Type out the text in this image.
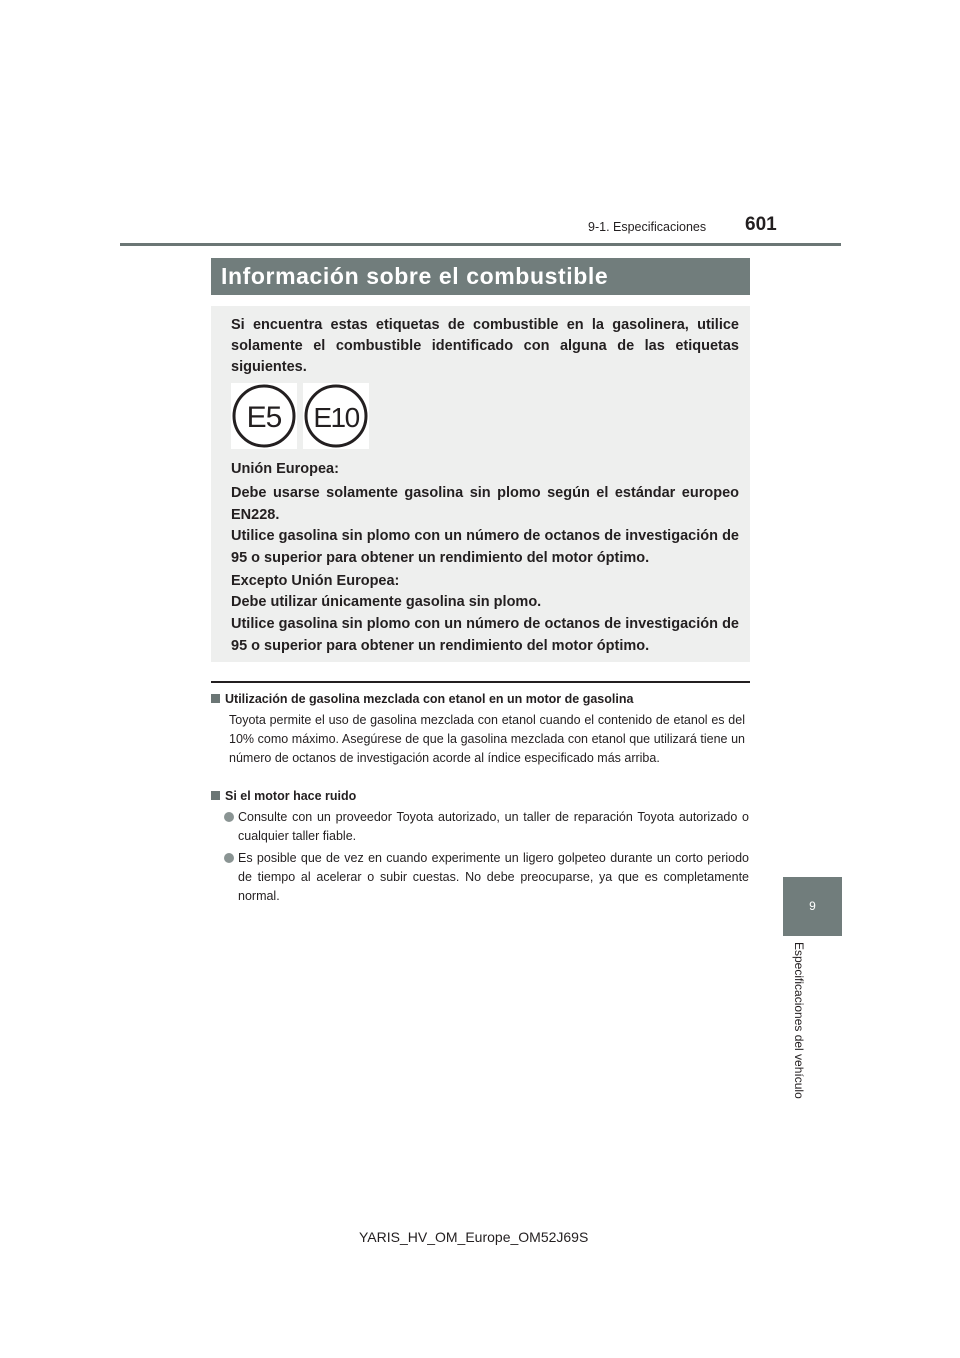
9-1. Especificaciones 601
Información sobre el combustible
Si encuentra estas etiquetas de combustible en la gasolinera, utilice solamente el combustible identificado con alguna de las etiquetas siguientes.
E5 E10
Unión Europea:
Debe usarse solamente gasolina sin plomo según el estándar europeo EN228.
Utilice gasolina sin plomo con un número de octanos de investigación de 95 o superior para obtener un rendimiento del motor óptimo.
Excepto Unión Europea:
Debe utilizar únicamente gasolina sin plomo.
Utilice gasolina sin plomo con un número de octanos de investigación de 95 o superior para obtener un rendimiento del motor óptimo.
Utilización de gasolina mezclada con etanol en un motor de gasolina
Toyota permite el uso de gasolina mezclada con etanol cuando el contenido de etanol es del 10% como máximo. Asegúrese de que la gasolina mezclada con etanol que utilizará tiene un número de octanos de investigación acorde al índice especificado más arriba.
Si el motor hace ruido
Consulte con un proveedor Toyota autorizado, un taller de reparación Toyota autorizado o cualquier taller fiable.
Es posible que de vez en cuando experimente un ligero golpeteo durante un corto periodo de tiempo al acelerar o subir cuestas. No debe preocuparse, ya que es completamente normal.
9
Especificaciones del vehículo
YARIS_HV_OM_Europe_OM52J69S
